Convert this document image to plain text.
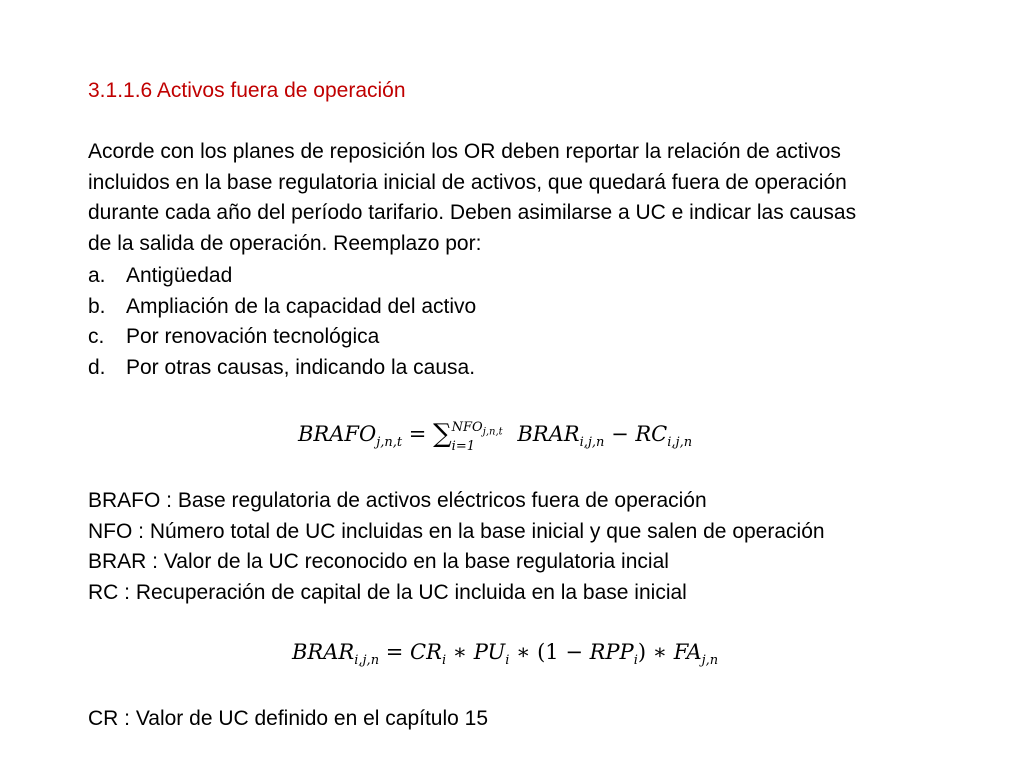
3.1.1.6 Activos fuera de operación
Acorde con los planes de reposición los OR deben reportar la relación de activos
incluidos en la base regulatoria inicial de activos, que quedará fuera de operación
durante cada año del período tarifario. Deben asimilarse a UC e indicar las causas
de la salida de operación. Reemplazo por:
a. Antigüedad
b. Ampliación de la capacidad del activo
c.	Por renovación tecnológica
d. Por otras causas, indicando la causa.
$BRAFO_{j,n,t}$ = ∑ $NFO_{j,n,t}$
i=1
$BRAR_{i,j,n} - RC_{i,j,n}$
BRAFO : Base regulatoria de activos eléctricos fuera de operación
NFO : Número total de UC incluidas en la base inicial y que salen de operación
BRAR : Valor de la UC reconocido en la base regulatoria incial
RC : Recuperación de capital de la UC incluida en la base inicial
$BRAR_{i,j,n} = CR_i$ ∗ $PU_i$ ∗ $(1 - RPP_i)$ ∗ $FA_{j,n}$
CR : Valor de UC definido en el capítulo 15
